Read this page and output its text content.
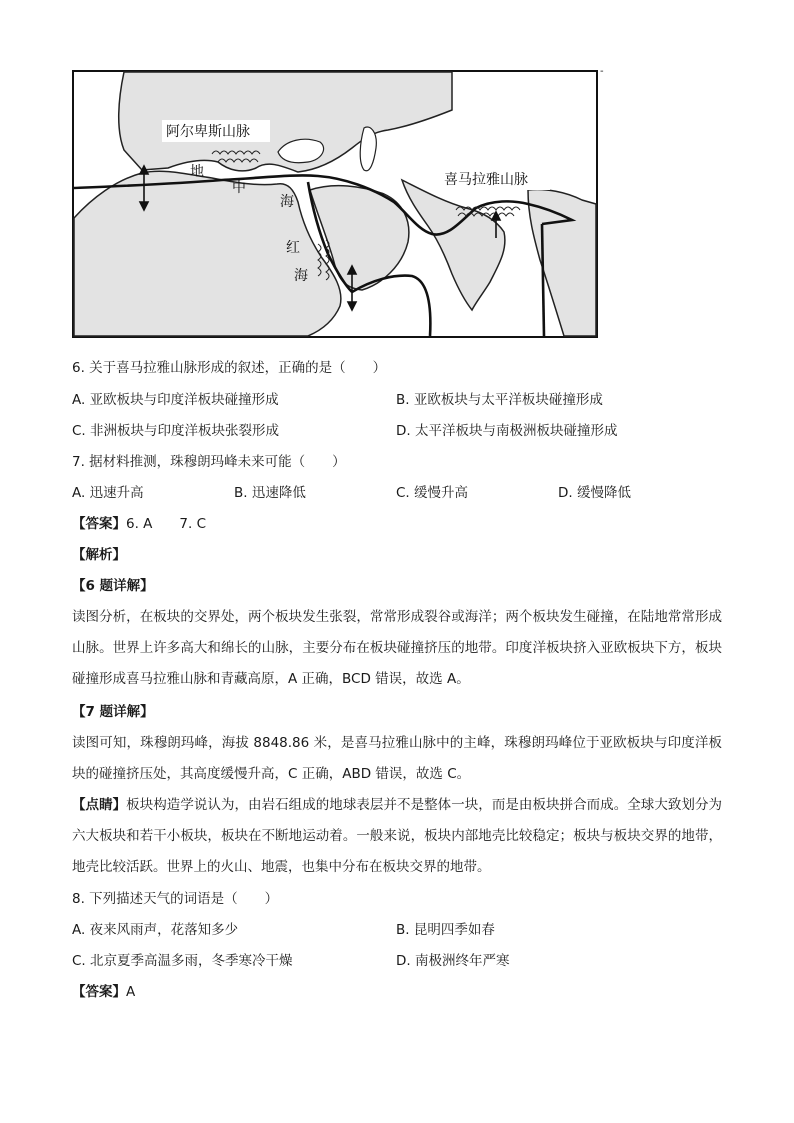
阿尔卑斯山脉
地
中
海
喜马拉雅山脉
红
海
-
6. 关于喜马拉雅山脉形成的叙述，正确的是（　　）
A. 亚欧板块与印度洋板块碰撞形成	B. 亚欧板块与太平洋板块碰撞形成
C. 非洲板块与印度洋板块张裂形成	D. 太平洋板块与南极洲板块碰撞形成
7. 据材料推测，珠穆朗玛峰未来可能（　　）
A. 迅速升高	B. 迅速降低	C. 缓慢升高	D. 缓慢降低
【答案】6. A　　7. C
【解析】
【6 题详解】
读图分析，在板块的交界处，两个板块发生张裂，常常形成裂谷或海洋；两个板块发生碰撞，在陆地常常形成山脉。世界上许多高大和绵长的山脉，主要分布在板块碰撞挤压的地带。印度洋板块挤入亚欧板块下方，板块碰撞形成喜马拉雅山脉和青藏高原，A 正确，BCD 错误，故选 A。
【7 题详解】
读图可知，珠穆朗玛峰，海拔 8848.86 米，是喜马拉雅山脉中的主峰，珠穆朗玛峰位于亚欧板块与印度洋板块的碰撞挤压处，其高度缓慢升高，C 正确，ABD 错误，故选 C。
【点睛】板块构造学说认为，由岩石组成的地球表层并不是整体一块，而是由板块拼合而成。全球大致划分为六大板块和若干小板块，板块在不断地运动着。一般来说，板块内部地壳比较稳定；板块与板块交界的地带，地壳比较活跃。世界上的火山、地震，也集中分布在板块交界的地带。
8. 下列描述天气的词语是（　　）
A. 夜来风雨声，花落知多少	B. 昆明四季如春
C. 北京夏季高温多雨，冬季寒冷干燥	D. 南极洲终年严寒
【答案】A
